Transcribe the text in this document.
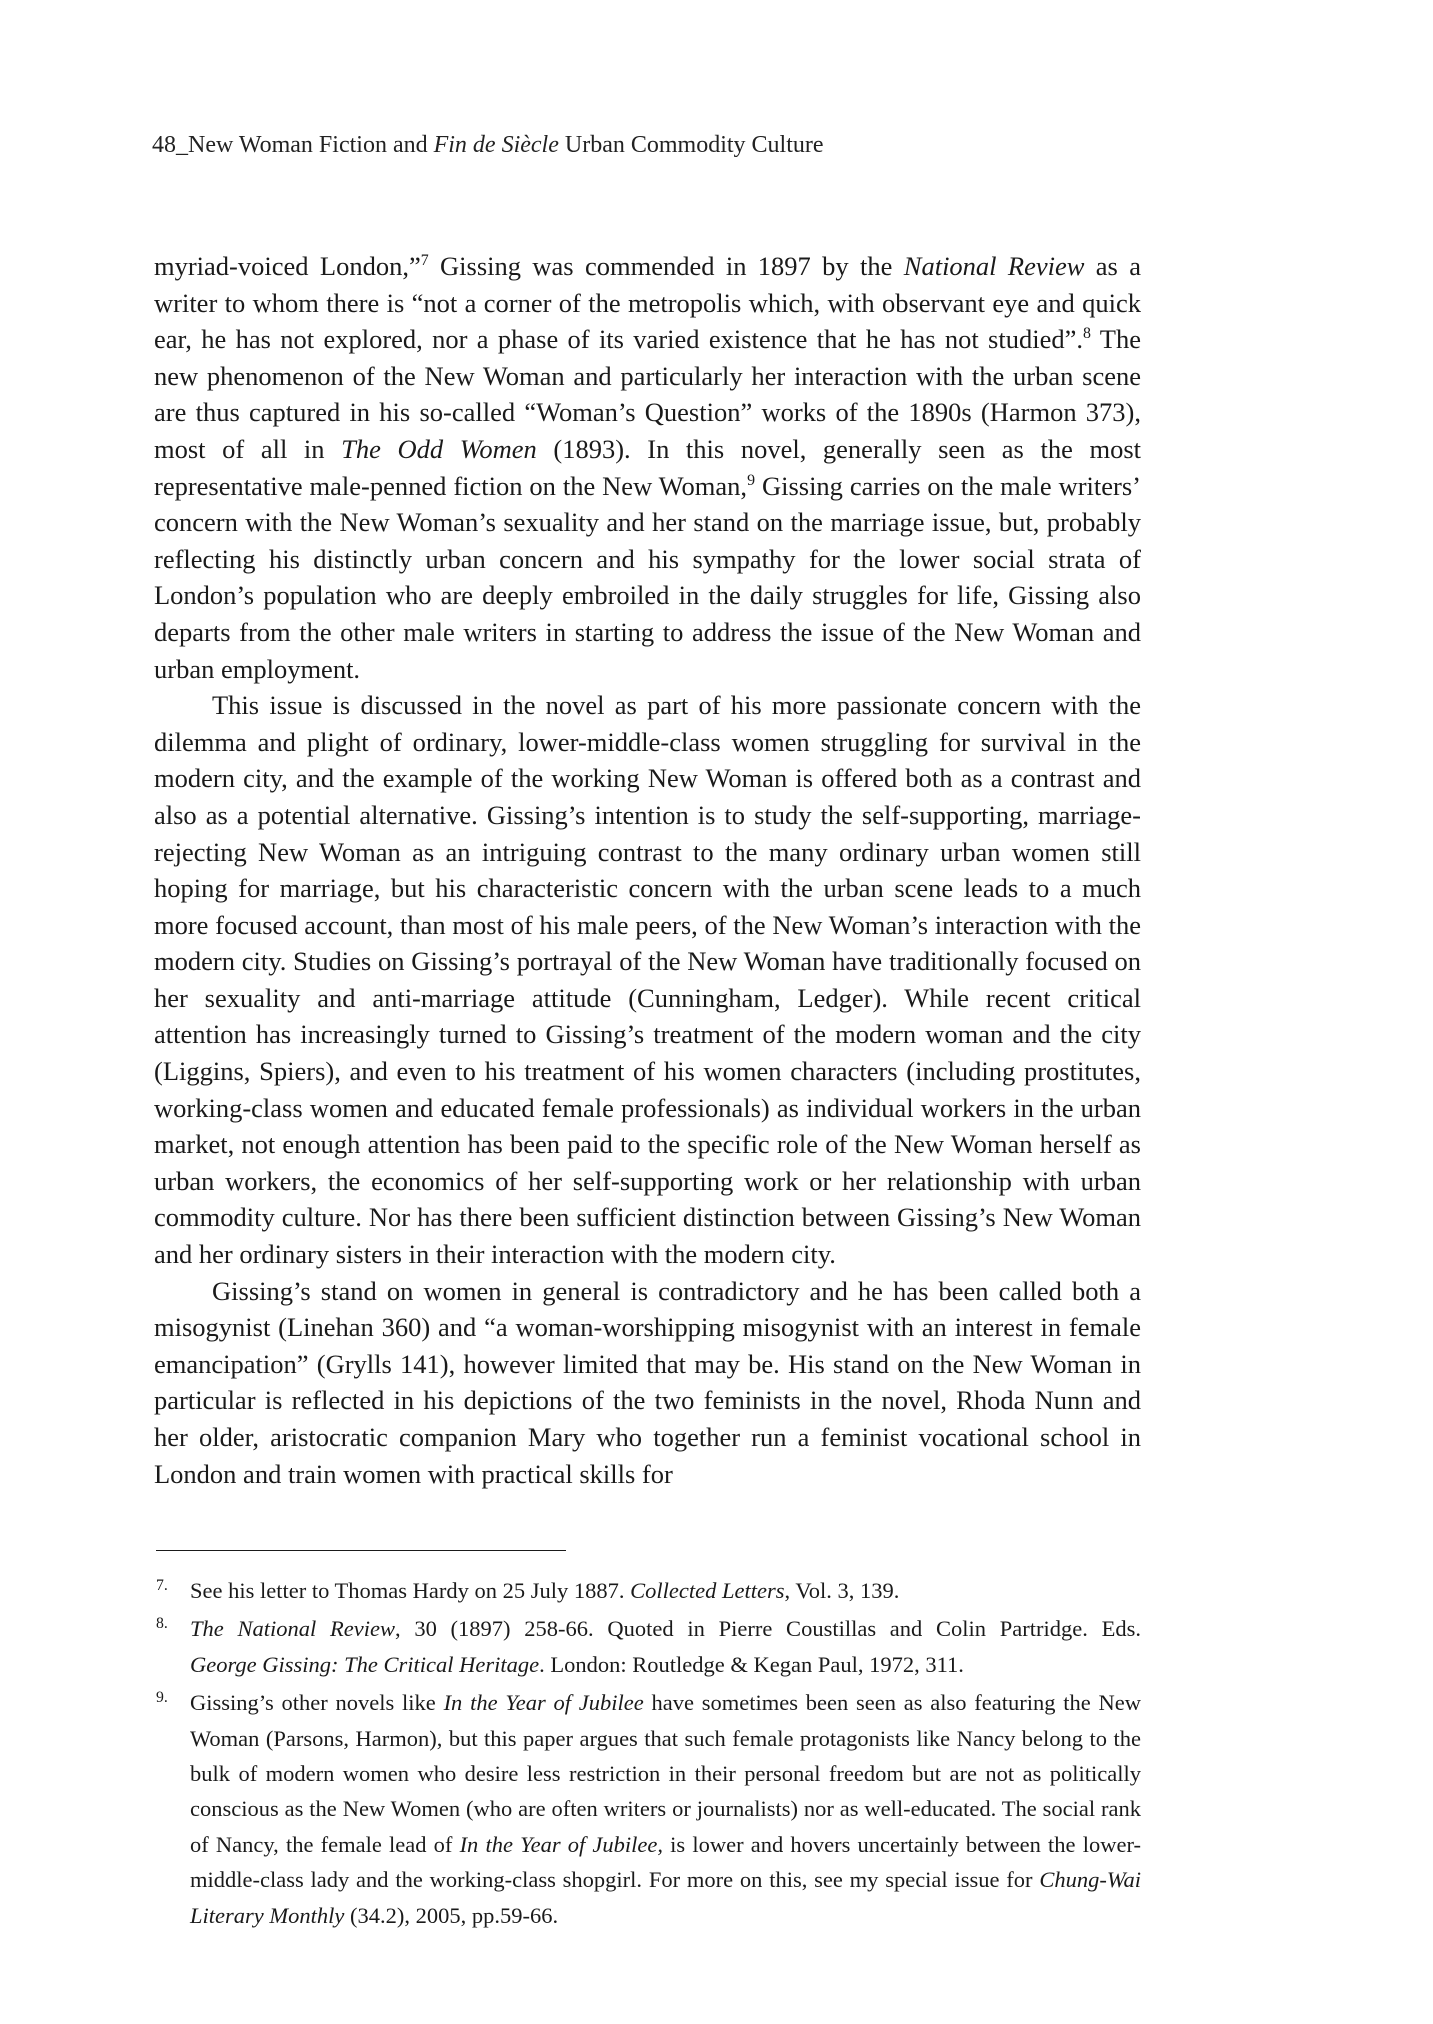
48_New Woman Fiction and Fin de Siècle Urban Commodity Culture

myriad-voiced London,”$^7$ Gissing was commended in 1897 by the National Review as a writer to whom there is “not a corner of the metropolis which, with observant eye and quick ear, he has not explored, nor a phase of its varied existence that he has not studied”.$^8$ The new phenomenon of the New Woman and particularly her interaction with the urban scene are thus captured in his so-called “Woman’s Question” works of the 1890s (Harmon 373), most of all in The Odd Women (1893). In this novel, generally seen as the most representative male-penned fiction on the New Woman,$^9$ Gissing carries on the male writers’ concern with the New Woman’s sexuality and her stand on the marriage issue, but, probably reflecting his distinctly urban concern and his sympathy for the lower social strata of London’s population who are deeply embroiled in the daily struggles for life, Gissing also departs from the other male writers in starting to address the issue of the New Woman and urban employment.

This issue is discussed in the novel as part of his more passionate concern with the dilemma and plight of ordinary, lower-middle-class women struggling for survival in the modern city, and the example of the working New Woman is offered both as a contrast and also as a potential alternative. Gissing’s intention is to study the self-supporting, marriage-rejecting New Woman as an intriguing contrast to the many ordinary urban women still hoping for marriage, but his characteristic concern with the urban scene leads to a much more focused account, than most of his male peers, of the New Woman’s interaction with the modern city. Studies on Gissing’s portrayal of the New Woman have traditionally focused on her sexuality and anti-marriage attitude (Cunningham, Ledger). While recent critical attention has increasingly turned to Gissing’s treatment of the modern woman and the city (Liggins, Spiers), and even to his treatment of his women characters (including prostitutes, working-class women and educated female professionals) as individual workers in the urban market, not enough attention has been paid to the specific role of the New Woman herself as urban workers, the economics of her self-supporting work or her relationship with urban commodity culture. Nor has there been sufficient distinction between Gissing’s New Woman and her ordinary sisters in their interaction with the modern city.

Gissing’s stand on women in general is contradictory and he has been called both a misogynist (Linehan 360) and “a woman-worshipping misogynist with an interest in female emancipation” (Grylls 141), however limited that may be. His stand on the New Woman in particular is reflected in his depictions of the two feminists in the novel, Rhoda Nunn and her older, aristocratic companion Mary who together run a feminist vocational school in London and train women with practical skills for

7. See his letter to Thomas Hardy on 25 July 1887. Collected Letters, Vol. 3, 139.
8. The National Review, 30 (1897) 258-66. Quoted in Pierre Coustillas and Colin Partridge. Eds.
George Gissing: The Critical Heritage. London: Routledge & Kegan Paul, 1972, 311.
9. Gissing’s other novels like In the Year of Jubilee have sometimes been seen as also featuring the New Woman (Parsons, Harmon), but this paper argues that such female protagonists like Nancy belong to the bulk of modern women who desire less restriction in their personal freedom but are not as politically conscious as the New Women (who are often writers or journalists) nor as well-educated. The social rank of Nancy, the female lead of In the Year of Jubilee, is lower and hovers uncertainly between the lower-middle-class lady and the working-class shopgirl. For more on this, see my special issue for Chung-Wai Literary Monthly (34.2), 2005, pp.59-66.
